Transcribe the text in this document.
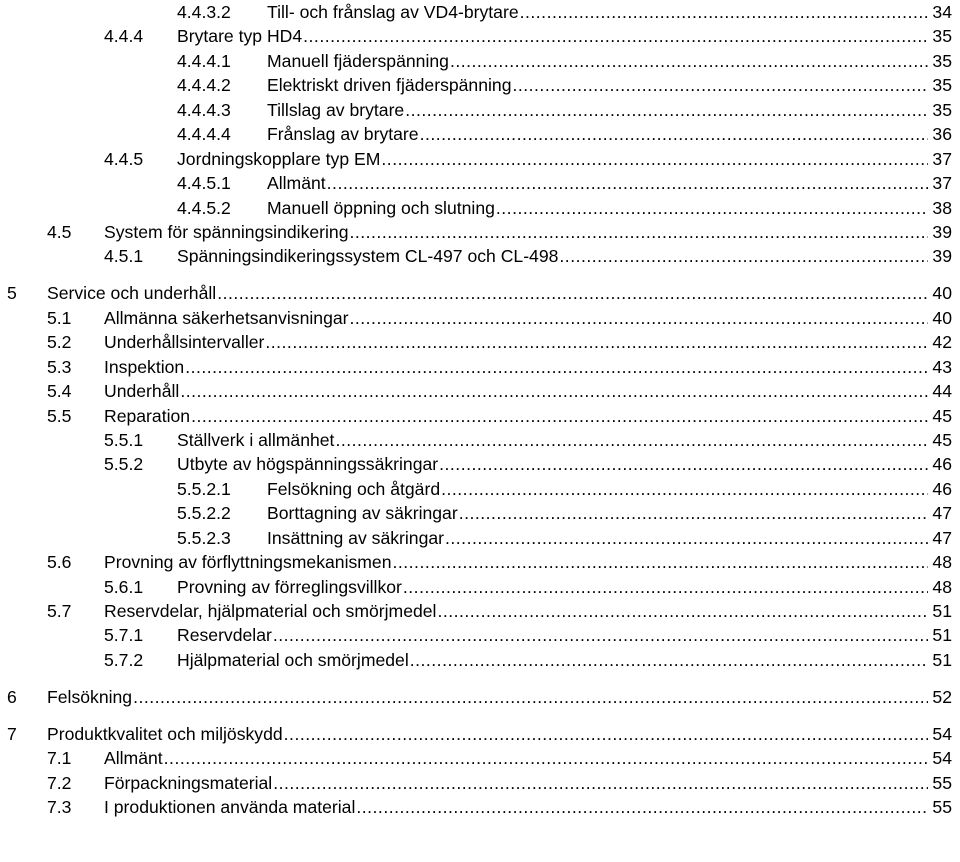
4.4.3.2	Till- och frånslag av VD4-brytare .....	34
4.4.4	Brytare typ HD4 .....	35
4.4.4.1	Manuell fjäderspänning .....	35
4.4.4.2	Elektriskt driven fjäderspänning .....	35
4.4.4.3	Tillslag av brytare .....	35
4.4.4.4	Frånslag av brytare .....	36
4.4.5	Jordningskopplare typ EM .....	37
4.4.5.1	Allmänt .....	37
4.4.5.2	Manuell öppning och slutning .....	38
4.5	System för spänningsindikering .....	39
4.5.1	Spänningsindikeringssystem CL-497 och CL-498 .....	39
5	Service och underhåll .....	40
5.1	Allmänna säkerhetsanvisningar .....	40
5.2	Underhållsintervaller .....	42
5.3	Inspektion .....	43
5.4	Underhåll .....	44
5.5	Reparation .....	45
5.5.1	Ställverk i allmänhet .....	45
5.5.2	Utbyte av högspänningssäkringar .....	46
5.5.2.1	Felsökning och åtgärd .....	46
5.5.2.2	Borttagning av säkringar .....	47
5.5.2.3	Insättning av säkringar .....	47
5.6	Provning av förflyttningsmekanismen .....	48
5.6.1	Provning av förreglingsvillkor .....	48
5.7	Reservdelar, hjälpmaterial och smörjmedel .....	51
5.7.1	Reservdelar .....	51
5.7.2	Hjälpmaterial och smörjmedel .....	51
6	Felsökning .....	52
7	Produktkvalitet och miljöskydd .....	54
7.1	Allmänt .....	54
7.2	Förpackningsmaterial .....	55
7.3	I produktionen använda material .....	55
